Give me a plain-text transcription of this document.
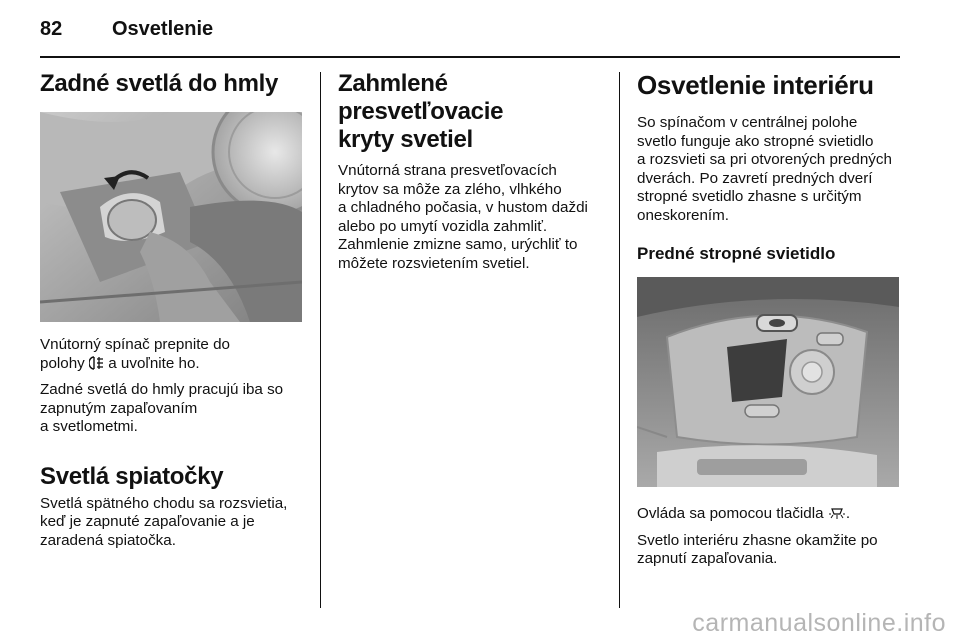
82 Osvetlenie
Zadné svetlá do hmly

Vnútorný spínač prepnite do

polohy a uvoľnite ho.

Zadné svetlá do hmly pracujú iba so
zapnutým zapaľovaním
a svetlometmi.

Svetlá spiatočky

Svetlá spätného chodu sa rozsvietia,
keď je zapnuté zapaľovanie a je
zaradená spiatočka.

Zahmlené presvetľovacie
kryty svetiel

Vnútorná strana presvetľovacích
krytov sa môže za zlého, vlhkého
a chladného počasia, v hustom daždi
alebo po umytí vozidla zahmliť.
Zahmlenie zmizne samo, urýchliť to
môžete rozsvietením svetiel.

Osvetlenie interiéru

So spínačom v centrálnej polohe
svetlo funguje ako stropné svietidlo
a rozsvieti sa pri otvorených predných
dverách. Po zavretí predných dverí
stropné svetidlo zhasne s určitým
oneskorením.

Predné stropné svietidlo

Ovláda sa pomocou tlačidla .

Svetlo interiéru zhasne okamžite po
zapnutí zapaľovania.

carmanualsonline.info
